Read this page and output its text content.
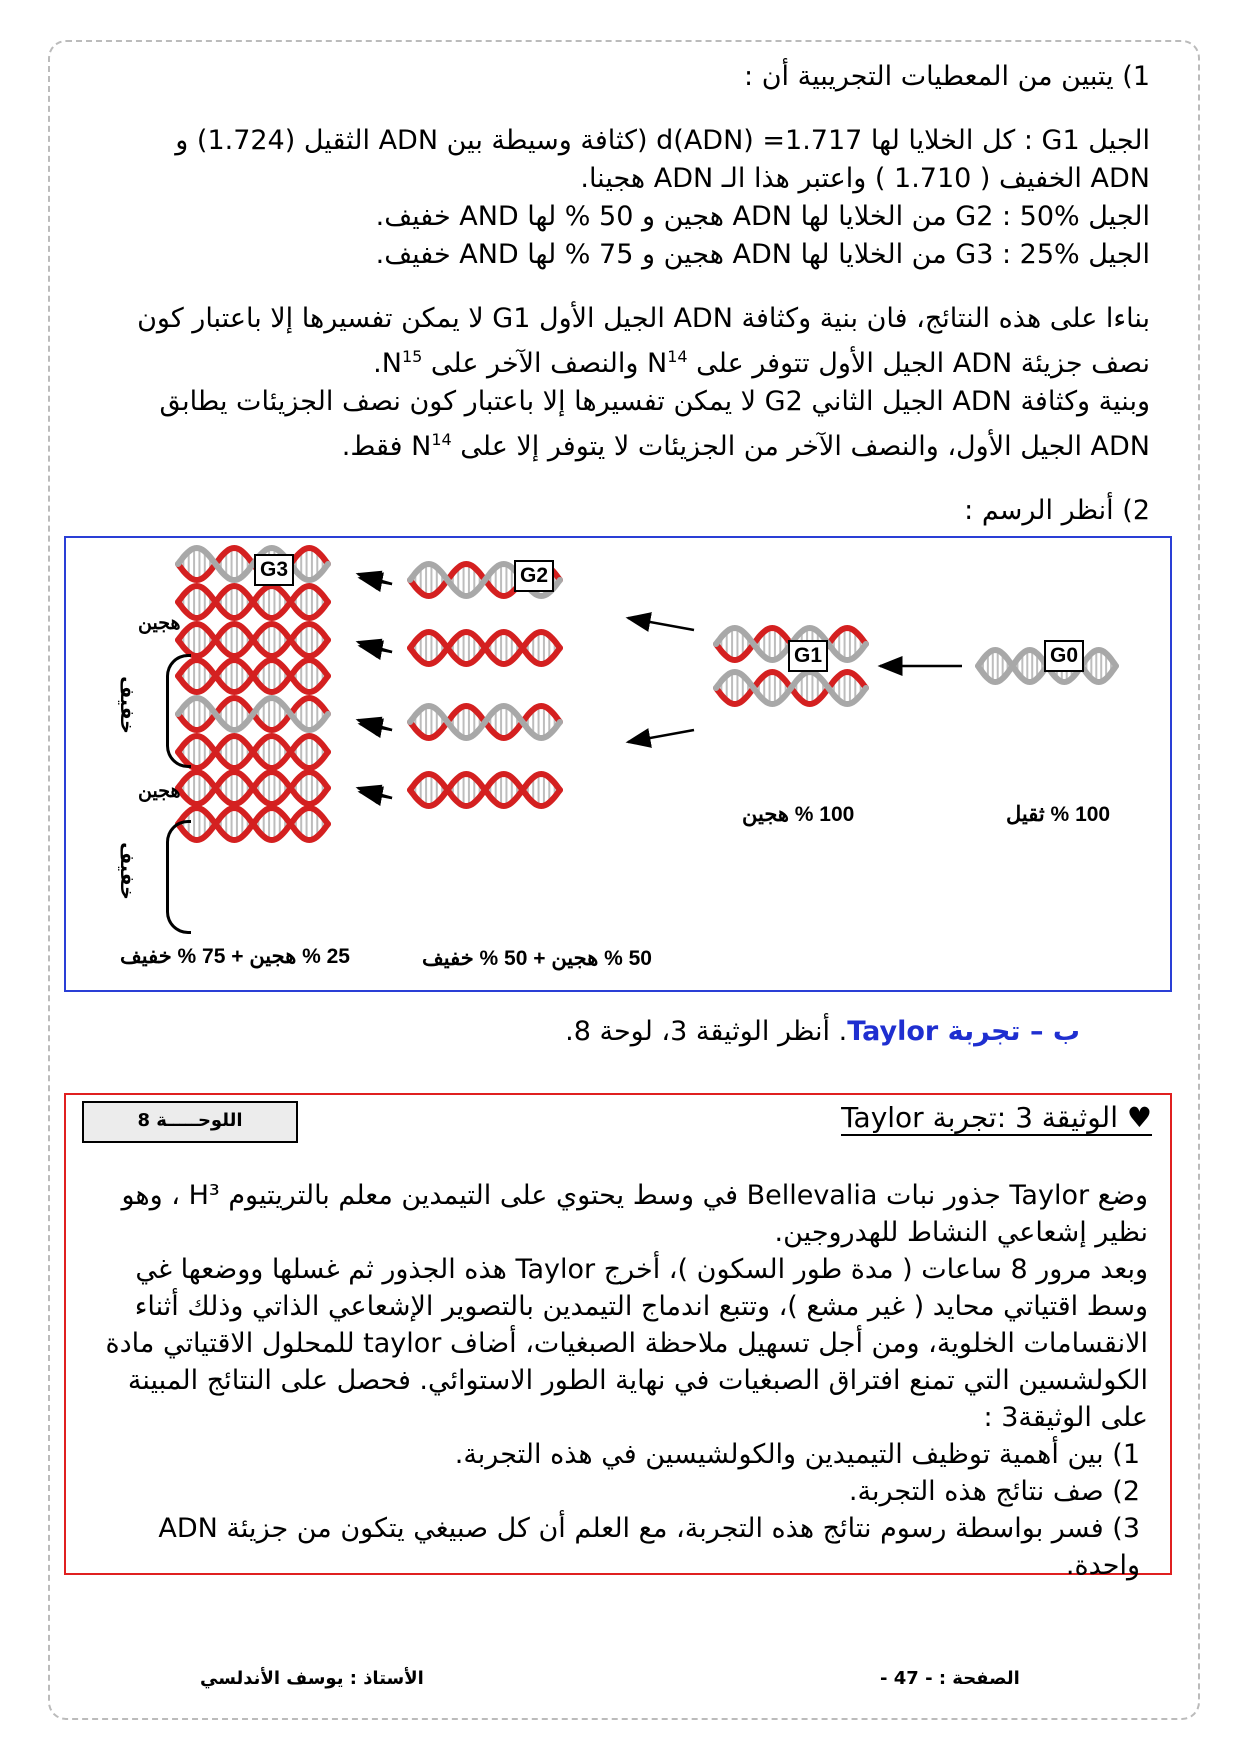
1) يتبين من المعطيات التجريبية أن :

الجيل G1 : كل الخلايا لها d(ADN) =1.717 (كثافة وسيطة بين ADN الثقيل (1.724) و

ADN الخفيف ( 1.710 ) واعتبر هذا الـ ADN هجينا.

الجيل G2 : 50% من الخلايا لها ADN هجين و 50 % لها AND خفيف.

الجيل G3 : 25% من الخلايا لها ADN هجين و 75 % لها AND خفيف.

بناءا على هذه النتائج، فان بنية وكثافة ADN الجيل الأول G1 لا يمكن تفسيرها إلا باعتبار كون

نصف جزيئة ADN الجيل الأول تتوفر على $N^{14}$ والنصف الآخر على $N^{15}$.

وبنية وكثافة ADN الجيل الثاني G2 لا يمكن تفسيرها إلا باعتبار كون نصف الجزيئات يطابق

ADN الجيل الأول، والنصف الآخر من الجزيئات لا يتوفر إلا على $N^{14}$ فقط.

2) أنظر الرسم :

G3	G2
G1	G0
هجين
هجين
خفيف
خفيف
100 % ثقيل
100 % هجين
50 % هجين + 50 % خفيف
25 % هجين + 75 % خفيف
ب – تجربة Taylor. أنظر الوثيقة 3، لوحة 8.
اللوحـــــة 8	♥ الوثيقة 3 :تجربة Taylor

وضع Taylor جذور نبات Bellevalia في وسط يحتوي على التيمدين معلم بالتريتيوم H³ ، وهو نظير إشعاعي النشاط للهدروجين.

وبعد مرور 8 ساعات ( مدة طور السكون )، أخرج Taylor هذه الجذور ثم غسلها ووضعها غي وسط اقتياتي محايد ( غير مشع )، وتتبع اندماج التيمدين بالتصوير الإشعاعي الذاتي وذلك أثناء الانقسامات الخلوية، ومن أجل تسهيل ملاحظة الصبغيات، أضاف taylor للمحلول الاقتياتي مادة الكولشسين التي تمنع افتراق الصبغيات في نهاية الطور الاستوائي. فحصل على النتائج المبينة على الوثيقة3 :

1) بين أهمية توظيف التيميدين والكولشيسين في هذه التجربة.

2) صف نتائج هذه التجربة.

3) فسر بواسطة رسوم نتائج هذه التجربة، مع العلم أن كل صبيغي يتكون من جزيئة ADN واحدة.

الأستاذ : يوسف الأندلسي	الصفحة : - 47 -
